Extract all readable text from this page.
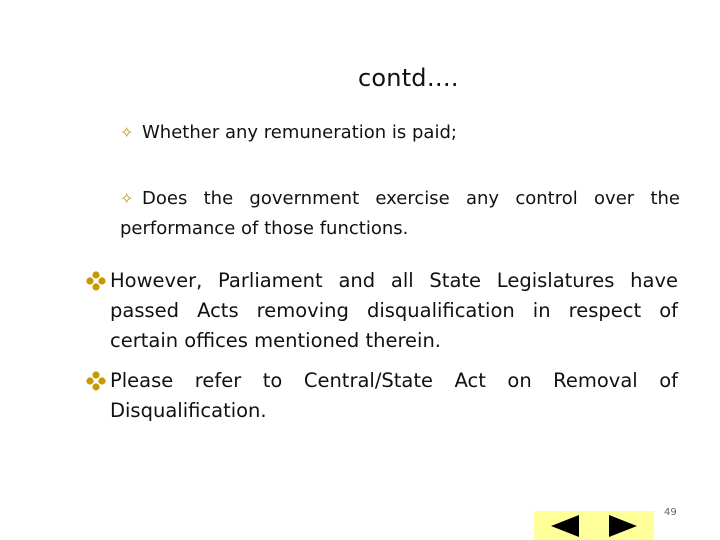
contd….
✧ Whether any remuneration is paid;
✧ Does the government exercise any control over the performance of those functions.
However, Parliament and all State Legislatures have passed Acts removing disqualification in respect of certain offices mentioned therein.
Please refer to Central/State Act on Removal of Disqualification.
49
